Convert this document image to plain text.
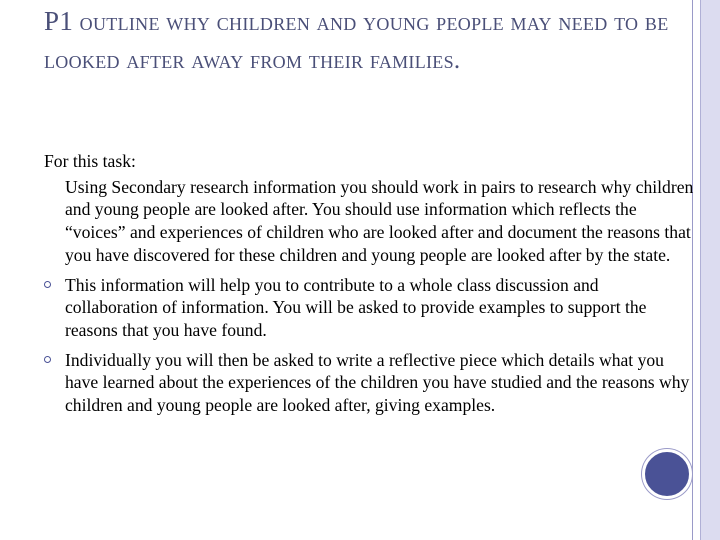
P1 outline why children and young people may need to be looked after away from their families.

For this task:

Using Secondary research information you should work in pairs to research why children and young people are looked after. You should use information which reflects the “voices” and experiences of children who are looked after and document the reasons that you have discovered for these children and young people are looked after by the state.
This information will help you to contribute to a whole class discussion and collaboration of information. You will be asked to provide examples to support the reasons that you have found.
Individually you will then be asked to write a reflective piece which details what you have learned about the experiences of the children you have studied and the reasons why children and young people are looked after, giving examples.
